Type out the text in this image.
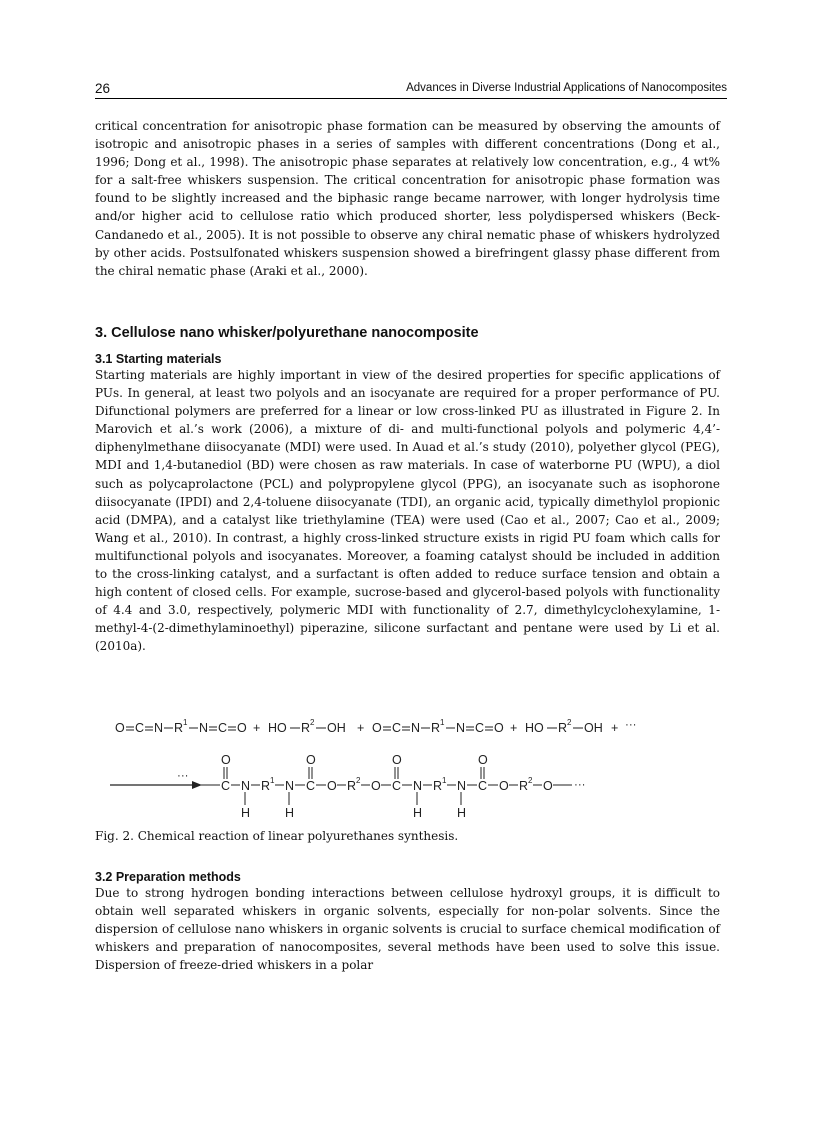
26	Advances in Diverse Industrial Applications of Nanocomposites

critical concentration for anisotropic phase formation can be measured by observing the amounts of isotropic and anisotropic phases in a series of samples with different concentrations (Dong et al., 1996; Dong et al., 1998). The anisotropic phase separates at relatively low concentration, e.g., 4 wt% for a salt-free whiskers suspension. The critical concentration for anisotropic phase formation was found to be slightly increased and the biphasic range became narrower, with longer hydrolysis time and/or higher acid to cellulose ratio which produced shorter, less polydispersed whiskers (Beck-Candanedo et al., 2005). It is not possible to observe any chiral nematic phase of whiskers hydrolyzed by other acids. Postsulfonated whiskers suspension showed a birefringent glassy phase different from the chiral nematic phase (Araki et al., 2000).

3. Cellulose nano whisker/polyurethane nanocomposite
3.1 Starting materials

Starting materials are highly important in view of the desired properties for specific applications of PUs. In general, at least two polyols and an isocyanate are required for a proper performance of PU. Difunctional polymers are preferred for a linear or low cross-linked PU as illustrated in Figure 2. In Marovich et al.’s work (2006), a mixture of di- and multi-functional polyols and polymeric 4,4’-diphenylmethane diisocyanate (MDI) were used. In Auad et al.’s study (2010), polyether glycol (PEG), MDI and 1,4-butanediol (BD) were chosen as raw materials. In case of waterborne PU (WPU), a diol such as polycaprolactone (PCL) and polypropylene glycol (PPG), an isocyanate such as isophorone diisocyanate (IPDI) and 2,4-toluene diisocyanate (TDI), an organic acid, typically dimethylol propionic acid (DMPA), and a catalyst like triethylamine (TEA) were used (Cao et al., 2007; Cao et al., 2009; Wang et al., 2010). In contrast, a highly cross-linked structure exists in rigid PU foam which calls for multifunctional polyols and isocyanates. Moreover, a foaming catalyst should be included in addition to the cross-linking catalyst, and a surfactant is often added to reduce surface tension and obtain a high content of closed cells. For example, sucrose-based and glycerol-based polyols with functionality of 4.4 and 3.0, respectively, polymeric MDI with functionality of 2.7, dimethylcyclohexylamine, 1-methyl-4-(2-dimethylaminoethyl) piperazine, silicone surfactant and pentane were used by Li et al. (2010a).

O C N R 1 N C O + HO R 2 OH + O C N R 1 N C O + HO R 2 OH + ···
···
O
C N
H
R 1 N
H
O
C O R 2 O
O
C N
H
R 1 N
H
O
C O R 2 O ···

Fig. 2. Chemical reaction of linear polyurethanes synthesis.

3.2 Preparation methods

Due to strong hydrogen bonding interactions between cellulose hydroxyl groups, it is difficult to obtain well separated whiskers in organic solvents, especially for non-polar solvents. Since the dispersion of cellulose nano whiskers in organic solvents is crucial to surface chemical modification of whiskers and preparation of nanocomposites, several methods have been used to solve this issue. Dispersion of freeze-dried whiskers in a polar
